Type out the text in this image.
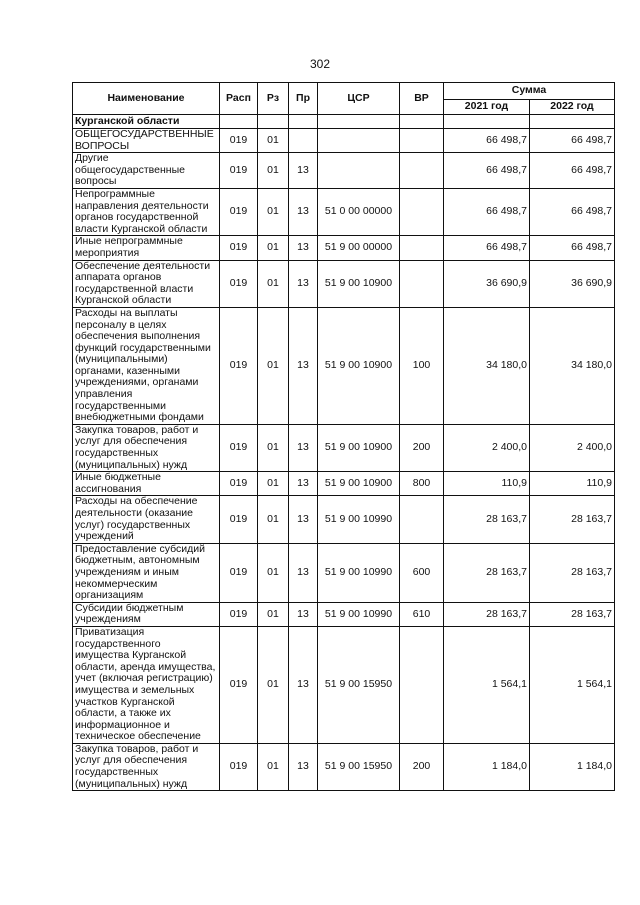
302
Наименование	Расп	Рз	Пр	ЦСР	ВР	Сумма	
						2021 год	2022 год
Курганской области							
ОБЩЕГОСУДАРСТВЕННЫЕ ВОПРОСЫ	019	01				66 498,7	66 498,7
Другие общегосударственные вопросы	019	01	13			66 498,7	66 498,7
Непрограммные направления деятельности органов государственной власти Курганской области	019	01	13	51 0 00 00000		66 498,7	66 498,7
Иные непрограммные мероприятия	019	01	13	51 9 00 00000		66 498,7	66 498,7
Обеспечение деятельности аппарата органов государственной власти Курганской области	019	01	13	51 9 00 10900		36 690,9	36 690,9
Расходы на выплаты персоналу в целях обеспечения выполнения функций государственными (муниципальными) органами, казенными учреждениями, органами управления государственными внебюджетными фондами	019	01	13	51 9 00 10900	100	34 180,0	34 180,0
Закупка товаров, работ и услуг для обеспечения государственных (муниципальных) нужд	019	01	13	51 9 00 10900	200	2 400,0	2 400,0
Иные бюджетные ассигнования	019	01	13	51 9 00 10900	800	110,9	110,9
Расходы на обеспечение деятельности (оказание услуг) государственных учреждений	019	01	13	51 9 00 10990		28 163,7	28 163,7
Предоставление субсидий бюджетным, автономным учреждениям и иным некоммерческим организациям	019	01	13	51 9 00 10990	600	28 163,7	28 163,7
Субсидии бюджетным учреждениям	019	01	13	51 9 00 10990	610	28 163,7	28 163,7
Приватизация государственного имущества Курганской области, аренда имущества, учет (включая регистрацию) имущества и земельных участков Курганской области, а также их информационное и техническое обеспечение	019	01	13	51 9 00 15950		1 564,1	1 564,1
Закупка товаров, работ и услуг для обеспечения государственных (муниципальных) нужд	019	01	13	51 9 00 15950	200	1 184,0	1 184,0
